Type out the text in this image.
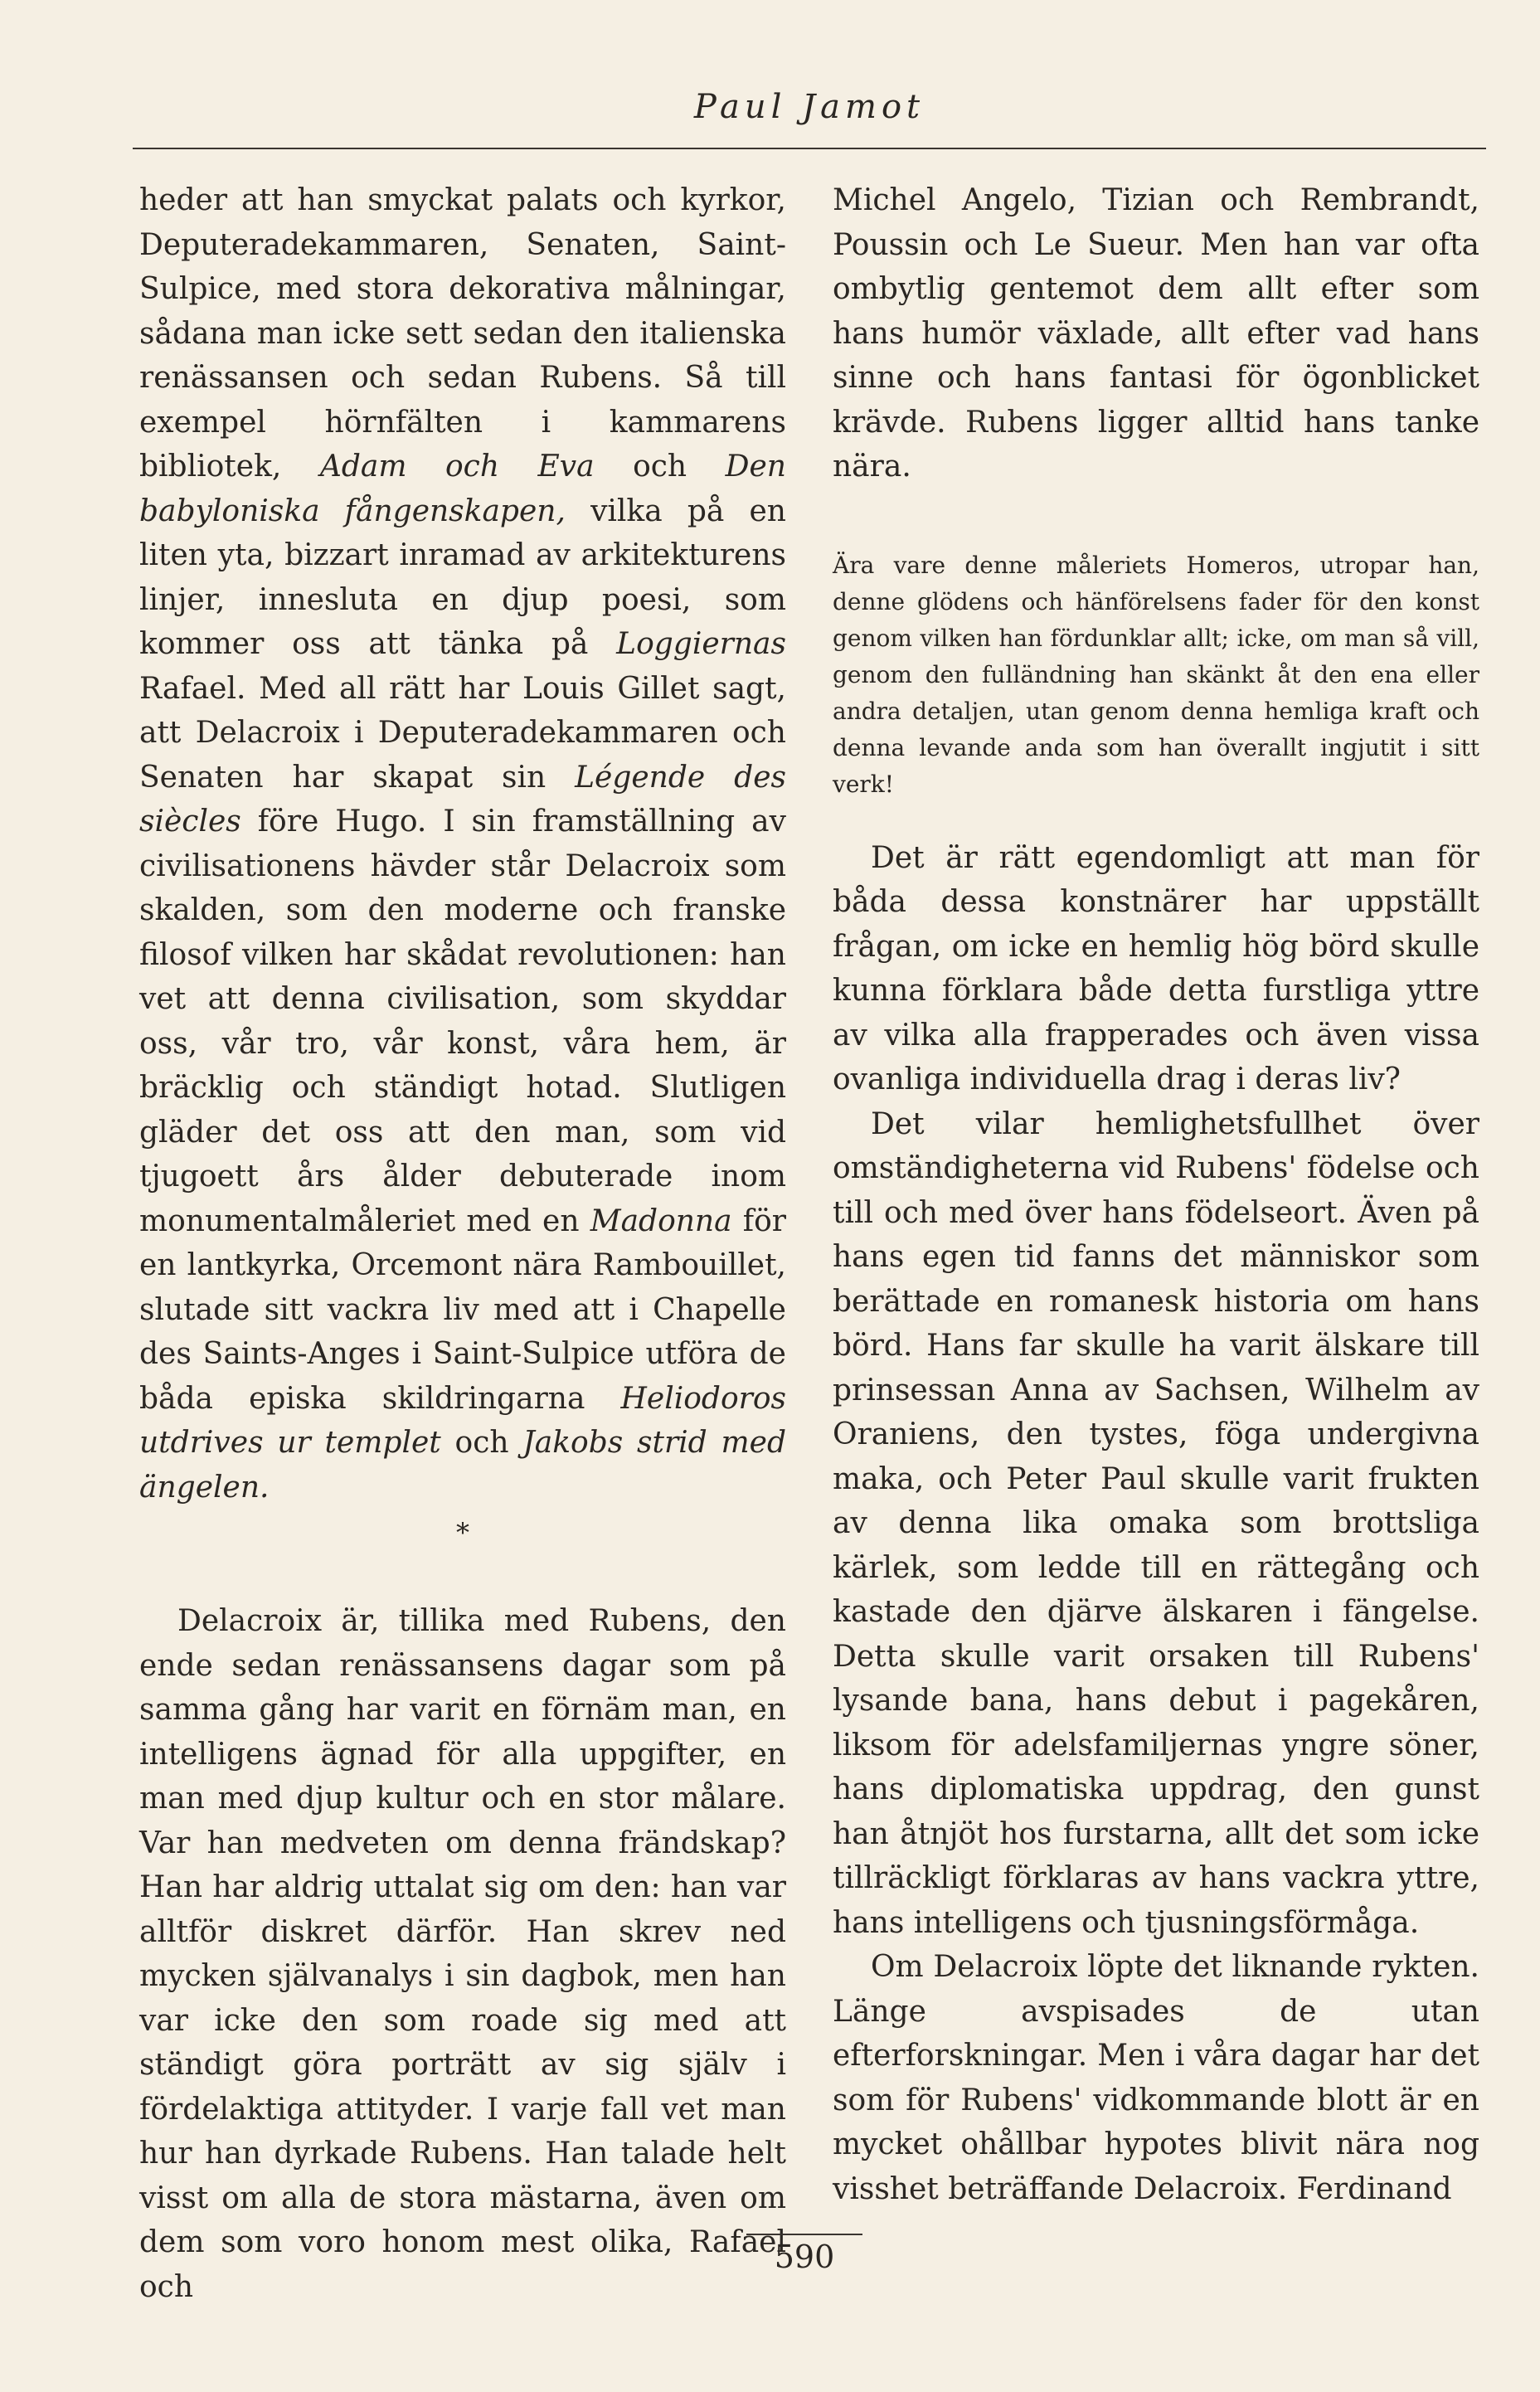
Paul Jamot

heder att han smyckat palats och kyrkor, Deputeradekammaren, Senaten, Saint-Sulpice, med stora dekorativa målningar, sådana man icke sett sedan den italienska renässansen och sedan Rubens. Så till exempel hörnfälten i kammarens bibliotek, Adam och Eva och Den babyloniska fångenskapen, vilka på en liten yta, bizzart inramad av arkitekturens linjer, innesluta en djup poesi, som kommer oss att tänka på Loggiernas Rafael. Med all rätt har Louis Gillet sagt, att Delacroix i Deputeradekammaren och Senaten har skapat sin Légende des siècles före Hugo. I sin framställning av civilisationens hävder står Delacroix som skalden, som den moderne och franske filosof vilken har skådat revolutionen: han vet att denna civilisation, som skyddar oss, vår tro, vår konst, våra hem, är bräcklig och ständigt hotad. Slutligen gläder det oss att den man, som vid tjugoett års ålder debuterade inom monumentalmåleriet med en Madonna för en lantkyrka, Orcemont nära Rambouillet, slutade sitt vackra liv med att i Chapelle des Saints-Anges i Saint-Sulpice utföra de båda episka skildringarna Heliodoros utdrives ur templet och Jakobs strid med ängelen.

*

Delacroix är, tillika med Rubens, den ende sedan renässansens dagar som på samma gång har varit en förnäm man, en intelligens ägnad för alla uppgifter, en man med djup kultur och en stor målare. Var han medveten om denna frändskap? Han har aldrig uttalat sig om den: han var alltför diskret därför. Han skrev ned mycken självanalys i sin dagbok, men han var icke den som roade sig med att ständigt göra porträtt av sig själv i fördelaktiga attityder. I varje fall vet man hur han dyrkade Rubens. Han talade helt visst om alla de stora mästarna, även om dem som voro honom mest olika, Rafael och

Michel Angelo, Tizian och Rembrandt, Poussin och Le Sueur. Men han var ofta ombytlig gentemot dem allt efter som hans humör växlade, allt efter vad hans sinne och hans fantasi för ögonblicket krävde. Rubens ligger alltid hans tanke nära.

Ära vare denne måleriets Homeros, utropar han, denne glödens och hänförelsens fader för den konst genom vilken han fördunklar allt; icke, om man så vill, genom den fulländning han skänkt åt den ena eller andra detaljen, utan genom denna hemliga kraft och denna levande anda som han överallt ingjutit i sitt verk!

Det är rätt egendomligt att man för båda dessa konstnärer har uppställt frågan, om icke en hemlig hög börd skulle kunna förklara både detta furstliga yttre av vilka alla frapperades och även vissa ovanliga individuella drag i deras liv?

Det vilar hemlighetsfullhet över omständigheterna vid Rubens' födelse och till och med över hans födelseort. Även på hans egen tid fanns det människor som berättade en romanesk historia om hans börd. Hans far skulle ha varit älskare till prinsessan Anna av Sachsen, Wilhelm av Oraniens, den tystes, föga undergivna maka, och Peter Paul skulle varit frukten av denna lika omaka som brottsliga kärlek, som ledde till en rättegång och kastade den djärve älskaren i fängelse. Detta skulle varit orsaken till Rubens' lysande bana, hans debut i pagekåren, liksom för adelsfamiljernas yngre söner, hans diplomatiska uppdrag, den gunst han åtnjöt hos furstarna, allt det som icke tillräckligt förklaras av hans vackra yttre, hans intelligens och tjusningsförmåga.

Om Delacroix löpte det liknande rykten. Länge avspisades de utan efterforskningar. Men i våra dagar har det som för Rubens' vidkommande blott är en mycket ohållbar hypotes blivit nära nog visshet beträffande Delacroix. Ferdinand

590
